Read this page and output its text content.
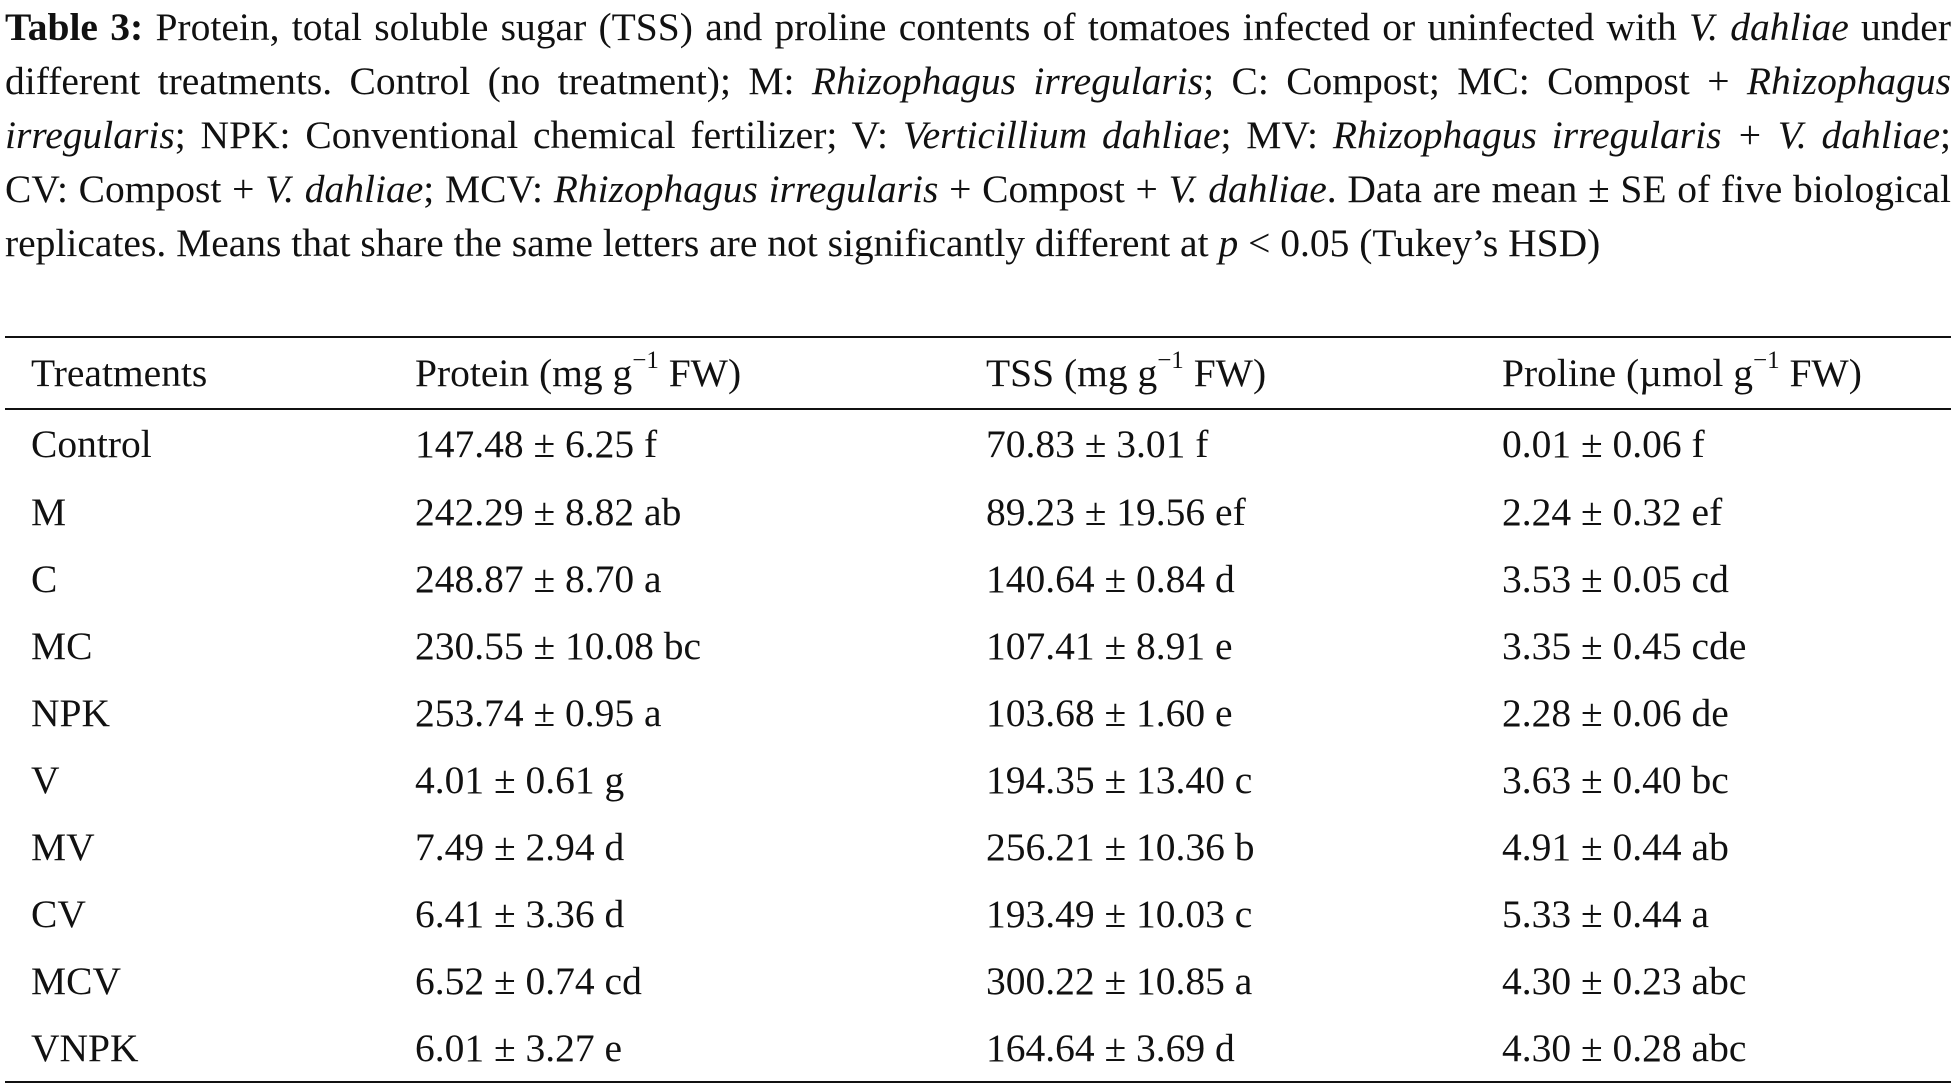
Table 3: Protein, total soluble sugar (TSS) and proline contents of tomatoes infected or uninfected with V. dahliae under different treatments. Control (no treatment); M: Rhizophagus irregularis; C: Compost; MC: Compost + Rhizophagus irregularis; NPK: Conventional chemical fertilizer; V: Verticillium dahliae; MV: Rhizophagus irregularis + V. dahliae; CV: Compost + V. dahliae; MCV: Rhizophagus irregularis + Compost + V. dahliae. Data are mean ± SE of five biological replicates. Means that share the same letters are not significantly different at p < 0.05 (Tukey’s HSD)

Treatments	Protein (mg $g^{-1}$ FW)	TSS (mg $g^{-1}$ FW)	Proline (µmol $g^{-1}$ FW)
Control	147.48 ± 6.25 f	70.83 ± 3.01 f	0.01 ± 0.06 f
M	242.29 ± 8.82 ab	89.23 ± 19.56 ef	2.24 ± 0.32 ef
C	248.87 ± 8.70 a	140.64 ± 0.84 d	3.53 ± 0.05 cd
MC	230.55 ± 10.08 bc	107.41 ± 8.91 e	3.35 ± 0.45 cde
NPK	253.74 ± 0.95 a	103.68 ± 1.60 e	2.28 ± 0.06 de
V	4.01 ± 0.61 g	194.35 ± 13.40 c	3.63 ± 0.40 bc
MV	7.49 ± 2.94 d	256.21 ± 10.36 b	4.91 ± 0.44 ab
CV	6.41 ± 3.36 d	193.49 ± 10.03 c	5.33 ± 0.44 a
MCV	6.52 ± 0.74 cd	300.22 ± 10.85 a	4.30 ± 0.23 abc
VNPK	6.01 ± 3.27 e	164.64 ± 3.69 d	4.30 ± 0.28 abc
